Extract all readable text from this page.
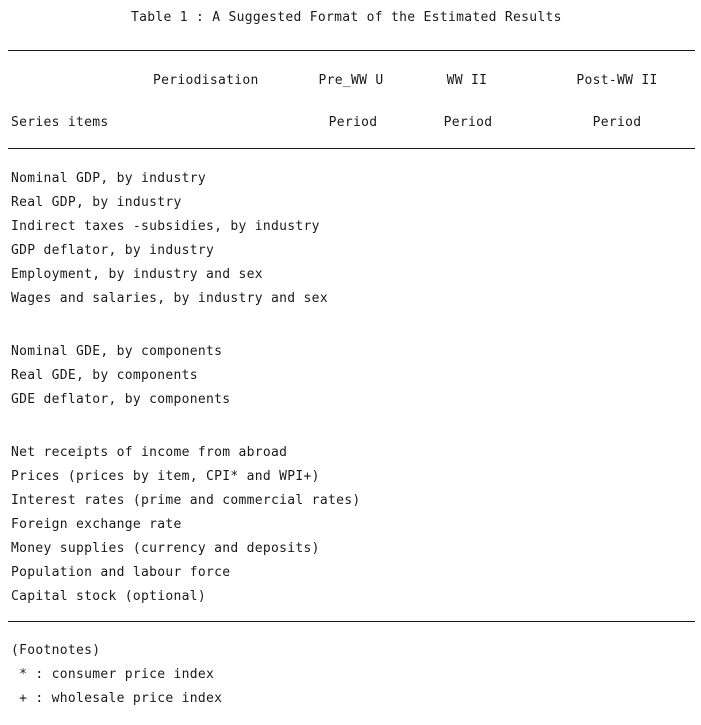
Table 1 : A Suggested Format of the Estimated Results
Periodisation	Pre_WW U	WW II	Post-WW II
Series items	Period	Period	Period
Nominal GDP, by industry
Real GDP, by industry
Indirect taxes -subsidies, by industry
GDP deflator, by industry
Employment, by industry and sex
Wages and salaries, by industry and sex
Nominal GDE, by components
Real GDE, by components
GDE deflator, by components
Net receipts of income from abroad
Prices (prices by item, CPI* and WPI+)
Interest rates (prime and commercial rates)
Foreign exchange rate
Money supplies (currency and deposits)
Population and labour force
Capital stock (optional)
(Footnotes)
* : consumer price index
+ : wholesale price index
